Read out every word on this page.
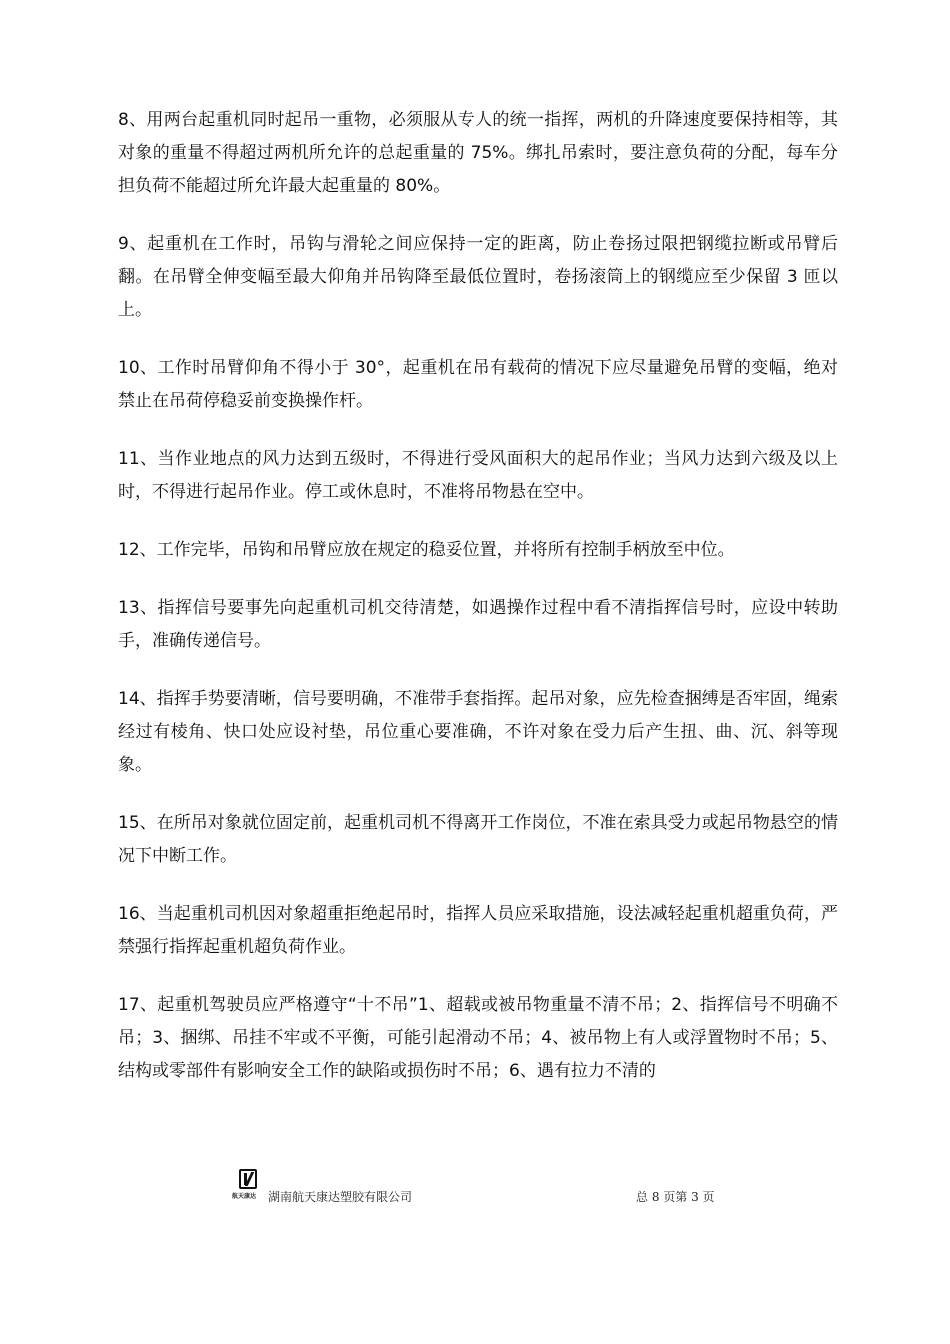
8、用两台起重机同时起吊一重物，必须服从专人的统一指挥，两机的升降速度要保持相等，其对象的重量不得超过两机所允许的总起重量的 75%。绑扎吊索时，要注意负荷的分配，每车分担负荷不能超过所允许最大起重量的 80%。

9、起重机在工作时，吊钩与滑轮之间应保持一定的距离，防止卷扬过限把钢缆拉断或吊臂后翻。在吊臂全伸变幅至最大仰角并吊钩降至最低位置时，卷扬滚筒上的钢缆应至少保留 3 匝以上。

10、工作时吊臂仰角不得小于 30°，起重机在吊有载荷的情况下应尽量避免吊臂的变幅，绝对禁止在吊荷停稳妥前变换操作杆。

11、当作业地点的风力达到五级时，不得进行受风面积大的起吊作业；当风力达到六级及以上时，不得进行起吊作业。停工或休息时，不准将吊物悬在空中。

12、工作完毕，吊钩和吊臂应放在规定的稳妥位置，并将所有控制手柄放至中位。

13、指挥信号要事先向起重机司机交待清楚，如遇操作过程中看不清指挥信号时，应设中转助手，准确传递信号。

14、指挥手势要清晰，信号要明确，不准带手套指挥。起吊对象，应先检查捆缚是否牢固，绳索经过有棱角、快口处应设衬垫，吊位重心要准确，不许对象在受力后产生扭、曲、沉、斜等现象。

15、在所吊对象就位固定前，起重机司机不得离开工作岗位，不准在索具受力或起吊物悬空的情况下中断工作。

16、当起重机司机因对象超重拒绝起吊时，指挥人员应采取措施，设法减轻起重机超重负荷，严禁强行指挥起重机超负荷作业。

17、起重机驾驶员应严格遵守“十不吊”1、超载或被吊物重量不清不吊；2、指挥信号不明确不吊；3、捆绑、吊挂不牢或不平衡，可能引起滑动不吊；4、被吊物上有人或浮置物时不吊；5、结构或零部件有影响安全工作的缺陷或损伤时不吊；6、遇有拉力不清的

航天康达 湖南航天康达塑胶有限公司	总 8 页第 3 页
